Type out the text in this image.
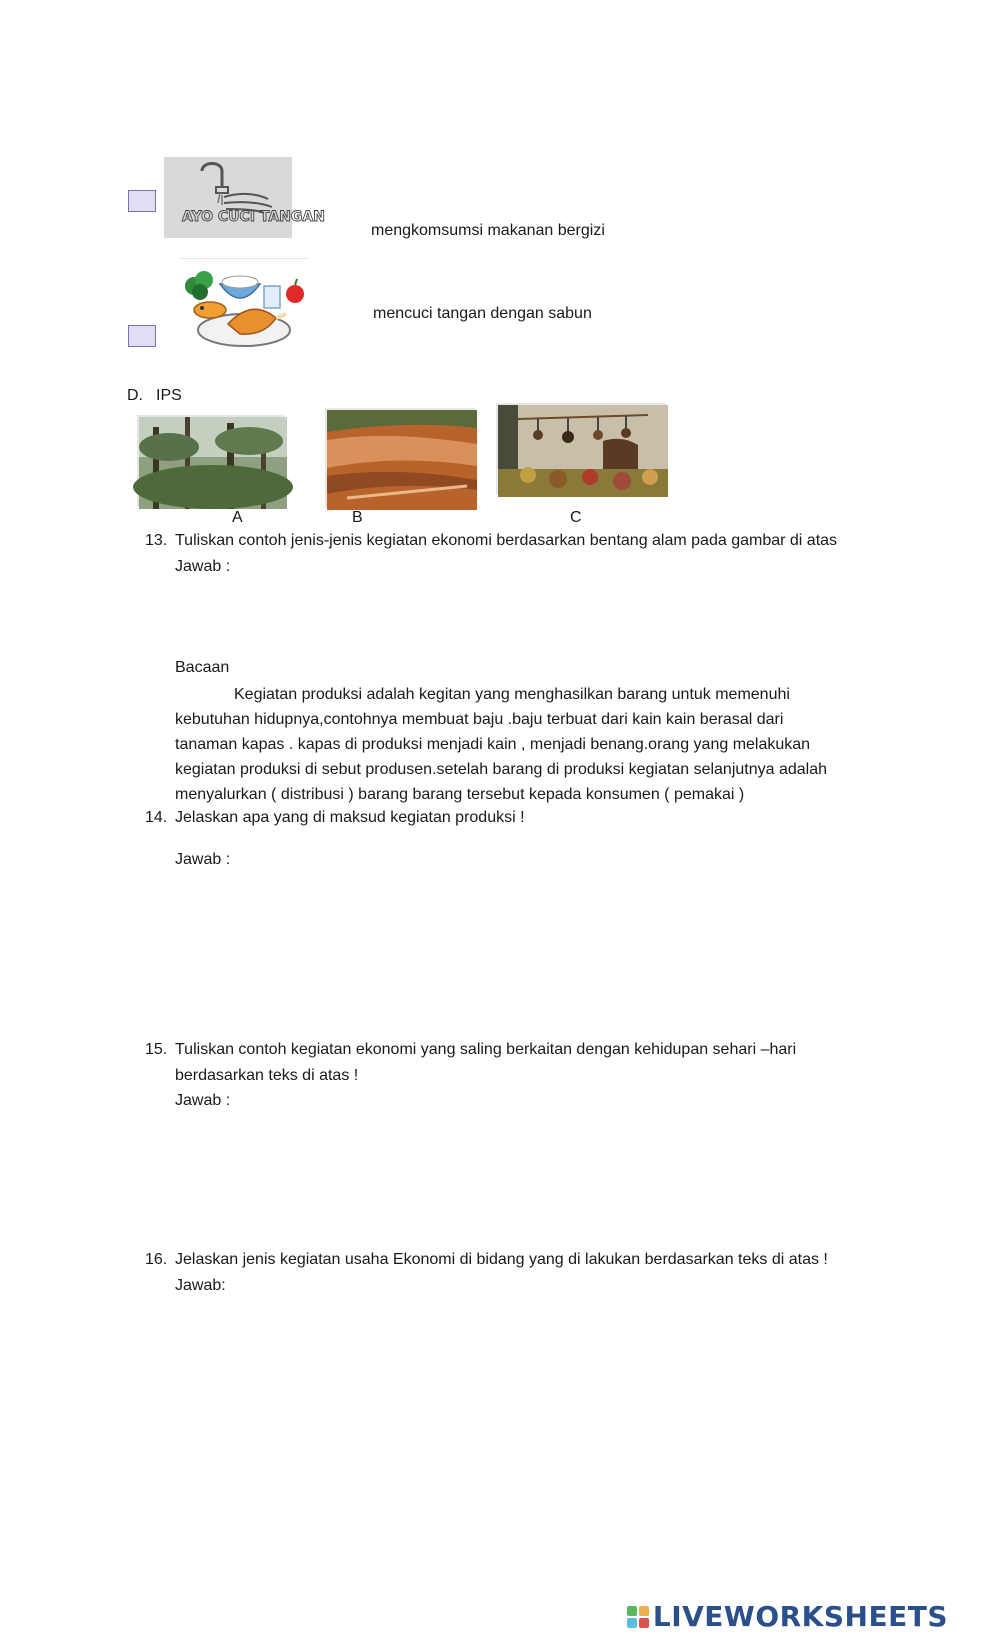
AYO CUCI TANGAN
mengkomsumsi makanan bergizi
mencuci tangan dengan sabun
D. IPS
A	B	C
13. Tuliskan contoh jenis-jenis kegiatan ekonomi berdasarkan bentang alam pada gambar di atas
Jawab :
Bacaan
Kegiatan produksi adalah kegitan yang menghasilkan barang untuk memenuhi
kebutuhan hidupnya,contohnya membuat baju .baju terbuat dari kain kain berasal dari
tanaman kapas . kapas di produksi menjadi kain , menjadi benang.orang yang melakukan
kegiatan produksi di sebut produsen.setelah barang di produksi kegiatan selanjutnya adalah
menyalurkan ( distribusi ) barang barang tersebut kepada konsumen ( pemakai )
14. Jelaskan apa yang di maksud kegiatan produksi !
Jawab :
15. Tuliskan contoh kegiatan ekonomi yang saling berkaitan dengan kehidupan sehari –hari
berdasarkan teks di atas !
Jawab :
16. Jelaskan jenis kegiatan usaha Ekonomi di bidang yang di lakukan berdasarkan teks di atas !
Jawab:
LIVEWORKSHEETS
